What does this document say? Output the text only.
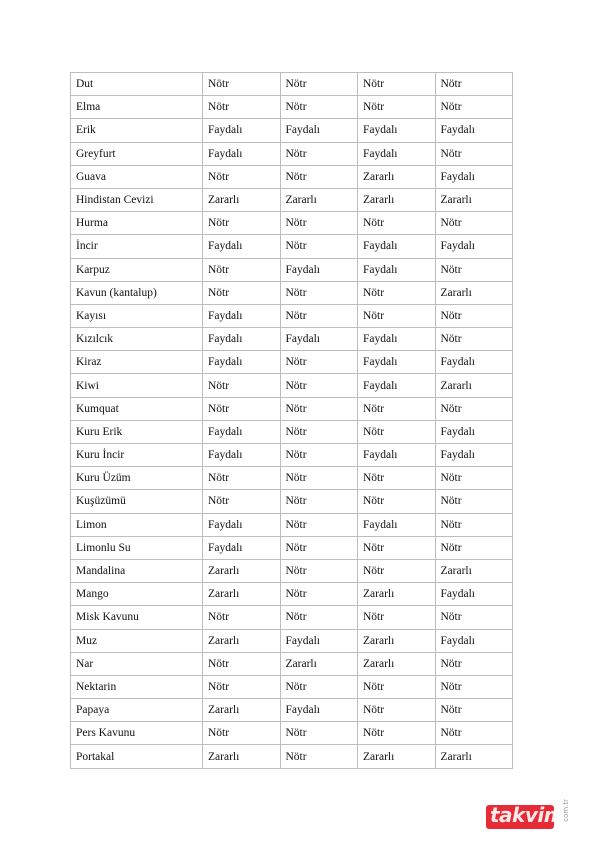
Dut	Nötr	Nötr	Nötr	Nötr
Elma	Nötr	Nötr	Nötr	Nötr
Erik	Faydalı	Faydalı	Faydalı	Faydalı
Greyfurt	Faydalı	Nötr	Faydalı	Nötr
Guava	Nötr	Nötr	Zararlı	Faydalı
Hindistan Cevizi	Zararlı	Zararlı	Zararlı	Zararlı
Hurma	Nötr	Nötr	Nötr	Nötr
İncir	Faydalı	Nötr	Faydalı	Faydalı
Karpuz	Nötr	Faydalı	Faydalı	Nötr
Kavun (kantalup)	Nötr	Nötr	Nötr	Zararlı
Kayısı	Faydalı	Nötr	Nötr	Nötr
Kızılcık	Faydalı	Faydalı	Faydalı	Nötr
Kiraz	Faydalı	Nötr	Faydalı	Faydalı
Kiwi	Nötr	Nötr	Faydalı	Zararlı
Kumquat	Nötr	Nötr	Nötr	Nötr
Kuru Erik	Faydalı	Nötr	Nötr	Faydalı
Kuru İncir	Faydalı	Nötr	Faydalı	Faydalı
Kuru Üzüm	Nötr	Nötr	Nötr	Nötr
Kuşüzümü	Nötr	Nötr	Nötr	Nötr
Limon	Faydalı	Nötr	Faydalı	Nötr
Limonlu Su	Faydalı	Nötr	Nötr	Nötr
Mandalina	Zararlı	Nötr	Nötr	Zararlı
Mango	Zararlı	Nötr	Zararlı	Faydalı
Misk Kavunu	Nötr	Nötr	Nötr	Nötr
Muz	Zararlı	Faydalı	Zararlı	Faydalı
Nar	Nötr	Zararlı	Zararlı	Nötr
Nektarin	Nötr	Nötr	Nötr	Nötr
Papaya	Zararlı	Faydalı	Nötr	Nötr
Pers Kavunu	Nötr	Nötr	Nötr	Nötr
Portakal	Zararlı	Nötr	Zararlı	Zararlı
takvim
com.tr
